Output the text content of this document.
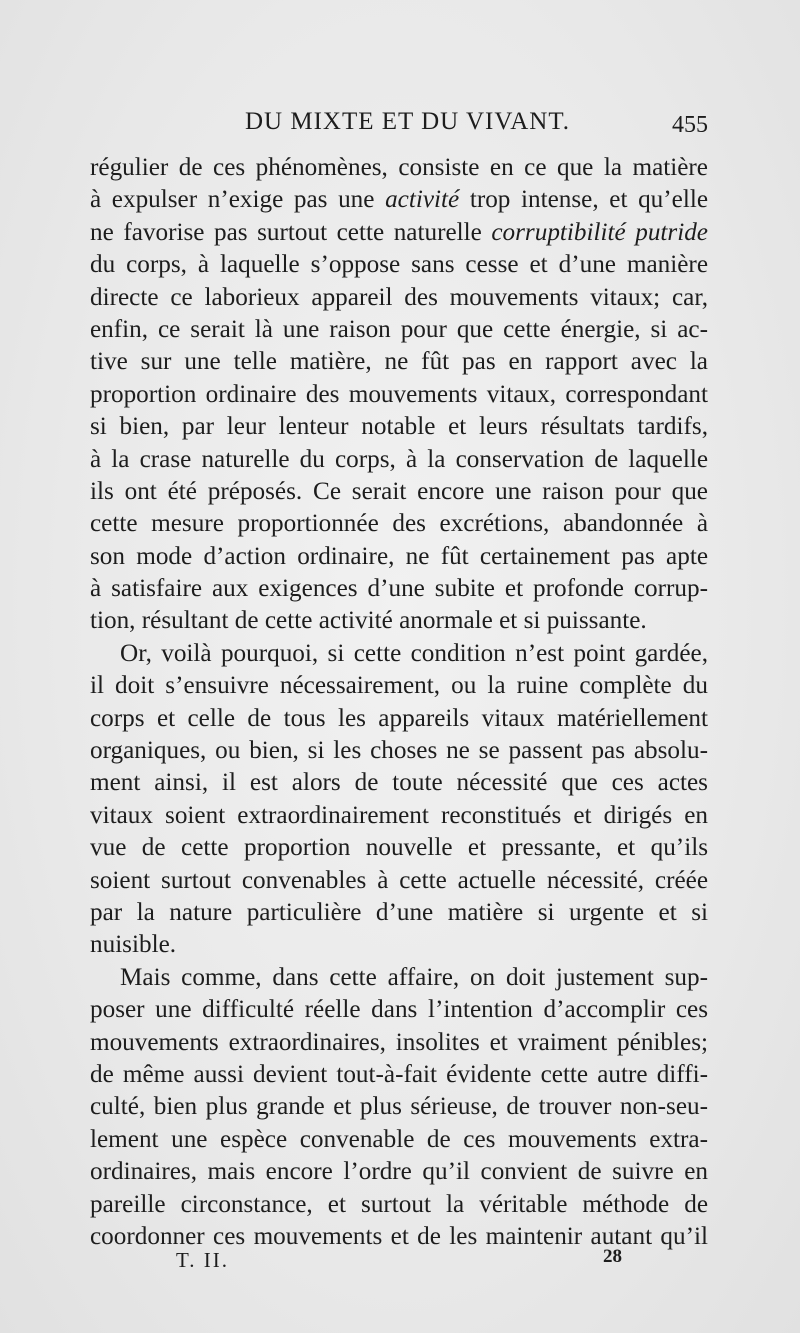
DU MIXTE ET DU VIVANT.	455
régulier de ces phénomènes, consiste en ce que la matière
à expulser n’exige pas une activité trop intense, et qu’elle
ne favorise pas surtout cette naturelle corruptibilité putride
du corps, à laquelle s’oppose sans cesse et d’une manière
directe ce laborieux appareil des mouvements vitaux; car,
enfin, ce serait là une raison pour que cette énergie, si ac-
tive sur une telle matière, ne fût pas en rapport avec la
proportion ordinaire des mouvements vitaux, correspondant
si bien, par leur lenteur notable et leurs résultats tardifs,
à la crase naturelle du corps, à la conservation de laquelle
ils ont été préposés. Ce serait encore une raison pour que
cette mesure proportionnée des excrétions, abandonnée à
son mode d’action ordinaire, ne fût certainement pas apte
à satisfaire aux exigences d’une subite et profonde corrup-
tion, résultant de cette activité anormale et si puissante.
Or, voilà pourquoi, si cette condition n’est point gardée,
il doit s’ensuivre nécessairement, ou la ruine complète du
corps et celle de tous les appareils vitaux matériellement
organiques, ou bien, si les choses ne se passent pas absolu-
ment ainsi, il est alors de toute nécessité que ces actes
vitaux soient extraordinairement reconstitués et dirigés en
vue de cette proportion nouvelle et pressante, et qu’ils
soient surtout convenables à cette actuelle nécessité, créée
par la nature particulière d’une matière si urgente et si
nuisible.
Mais comme, dans cette affaire, on doit justement sup-
poser une difficulté réelle dans l’intention d’accomplir ces
mouvements extraordinaires, insolites et vraiment pénibles;
de même aussi devient tout-à-fait évidente cette autre diffi-
culté, bien plus grande et plus sérieuse, de trouver non-seu-
lement une espèce convenable de ces mouvements extra-
ordinaires, mais encore l’ordre qu’il convient de suivre en
pareille circonstance, et surtout la véritable méthode de
coordonner ces mouvements et de les maintenir autant qu’il
T. II.	28
